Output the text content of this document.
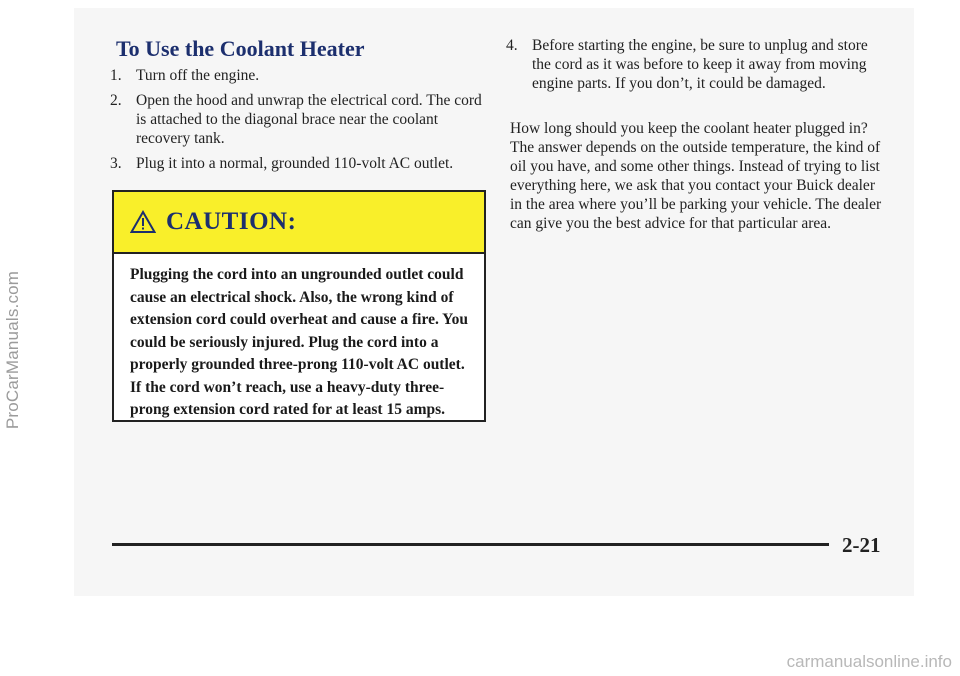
ProCarManuals.com
To Use the Coolant Heater
1. Turn off the engine.
2. Open the hood and unwrap the electrical cord. The cord is attached to the diagonal brace near the coolant recovery tank.
3. Plug it into a normal, grounded 110-volt AC outlet.
CAUTION:
Plugging the cord into an ungrounded outlet could cause an electrical shock. Also, the wrong kind of extension cord could overheat and cause a fire. You could be seriously injured. Plug the cord into a properly grounded three-prong 110-volt AC outlet. If the cord won’t reach, use a heavy-duty three-prong extension cord rated for at least 15 amps.
4. Before starting the engine, be sure to unplug and store the cord as it was before to keep it away from moving engine parts. If you don’t, it could be damaged.

How long should you keep the coolant heater plugged in? The answer depends on the outside temperature, the kind of oil you have, and some other things. Instead of trying to list everything here, we ask that you contact your Buick dealer in the area where you’ll be parking your vehicle. The dealer can give you the best advice for that particular area.

2-21
carmanualsonline.info
